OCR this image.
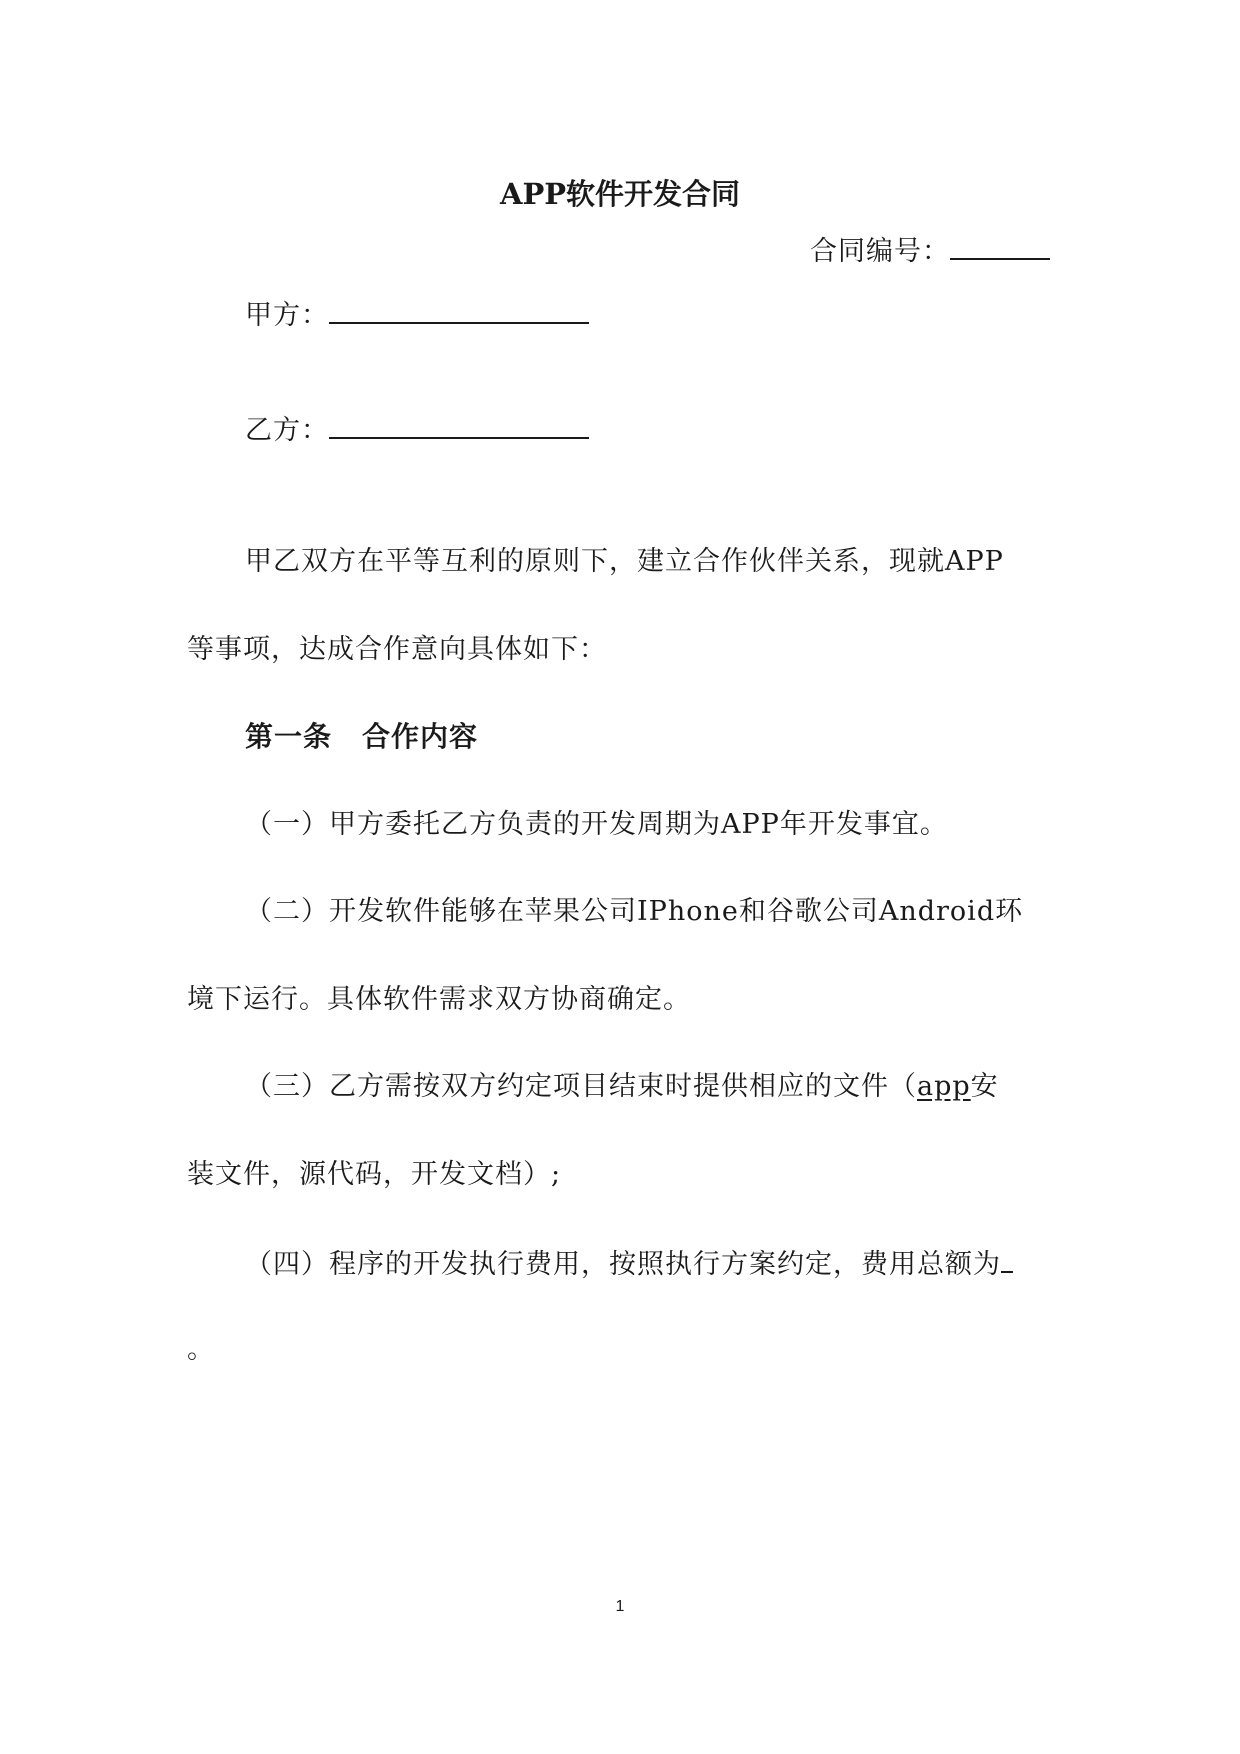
APP软件开发合同
合同编号：
甲方：
乙方：
甲乙双方在平等互利的原则下，建立合作伙伴关系，现就APP
等事项，达成合作意向具体如下：
第一条 合作内容
（一）甲方委托乙方负责的开发周期为APP年开发事宜。
（二）开发软件能够在苹果公司IPhone和谷歌公司Android环
境下运行。具体软件需求双方协商确定。
（三）乙方需按双方约定项目结束时提供相应的文件（app安
装文件，源代码，开发文档）;
（四）程序的开发执行费用，按照执行方案约定，费用总额为
。
1
